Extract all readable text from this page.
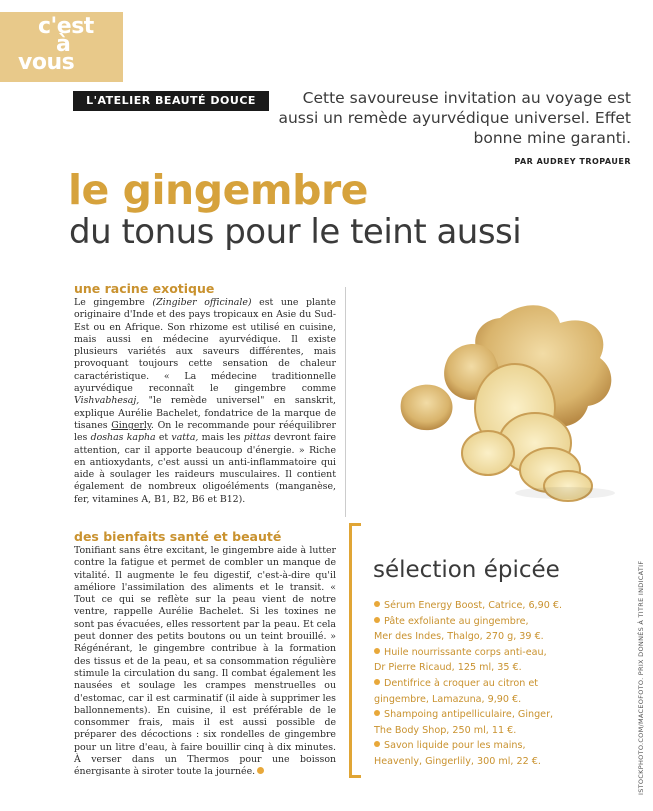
c'est
à
vous
L'ATELIER BEAUTÉ DOUCE	Cette savoureuse invitation au voyage est aussi un remède ayurvédique universel. Effet bonne mine garanti.
PAR AUDREY TROPAUER
le gingembre
du tonus pour le teint aussi
une racine exotique
Le gingembre (Zingiber officinale) est une plante originaire d'Inde et des pays tropicaux en Asie du Sud-Est ou en Afrique. Son rhizome est utilisé en cuisine, mais aussi en médecine ayurvédique. Il existe plusieurs variétés aux saveurs différentes, mais provoquant toujours cette sensation de chaleur caractéristique. « La médecine traditionnelle ayurvédique reconnaît le gingembre comme Vishvabhesaj, "le remède universel" en sanskrit, explique Aurélie Bachelet, fondatrice de la marque de tisanes Gingerly. On le recommande pour rééquilibrer les doshas kapha et vatta, mais les pittas devront faire attention, car il apporte beaucoup d'énergie. » Riche en antioxydants, c'est aussi un anti-inflammatoire qui aide à soulager les raideurs musculaires. Il contient également de nombreux oligoéléments (manganèse, fer, vitamines A, B1, B2, B6 et B12).
des bienfaits santé et beauté
Tonifiant sans être excitant, le gingembre aide à lutter contre la fatigue et permet de combler un manque de vitalité. Il augmente le feu digestif, c'est-à-dire qu'il améliore l'assimilation des aliments et le transit. « Tout ce qui se reflète sur la peau vient de notre ventre, rappelle Aurélie Bachelet. Si les toxines ne sont pas évacuées, elles ressortent par la peau. Et cela peut donner des petits boutons ou un teint brouillé. » Régénérant, le gingembre contribue à la formation des tissus et de la peau, et sa consommation régulière stimule la circulation du sang. Il combat également les nausées et soulage les crampes menstruelles ou d'estomac, car il est carminatif (il aide à supprimer les ballonnements). En cuisine, il est préférable de le consommer frais, mais il est aussi possible de préparer des décoctions : six rondelles de gingembre pour un litre d'eau, à faire bouillir cinq à dix minutes. À verser dans un Thermos pour une boisson énergisante à siroter toute la journée.
sélection épicée
Sérum Energy Boost, Catrice, 6,90 €.
Pâte exfoliante au gingembre,
Mer des Indes, Thalgo, 270 g, 39 €.
Huile nourrissante corps anti-eau,
Dr Pierre Ricaud, 125 ml, 35 €.
Dentifrice à croquer au citron et
gingembre, Lamazuna, 9,90 €.
Shampoing antipelliculaire, Ginger,
The Body Shop, 250 ml, 11 €.
Savon liquide pour les mains,
Heavenly, Gingerlily, 300 ml, 22 €.	ISTOCKPHOTO.COM/MACEOFOTO. PRIX DONNÉS À TITRE INDICATIF
